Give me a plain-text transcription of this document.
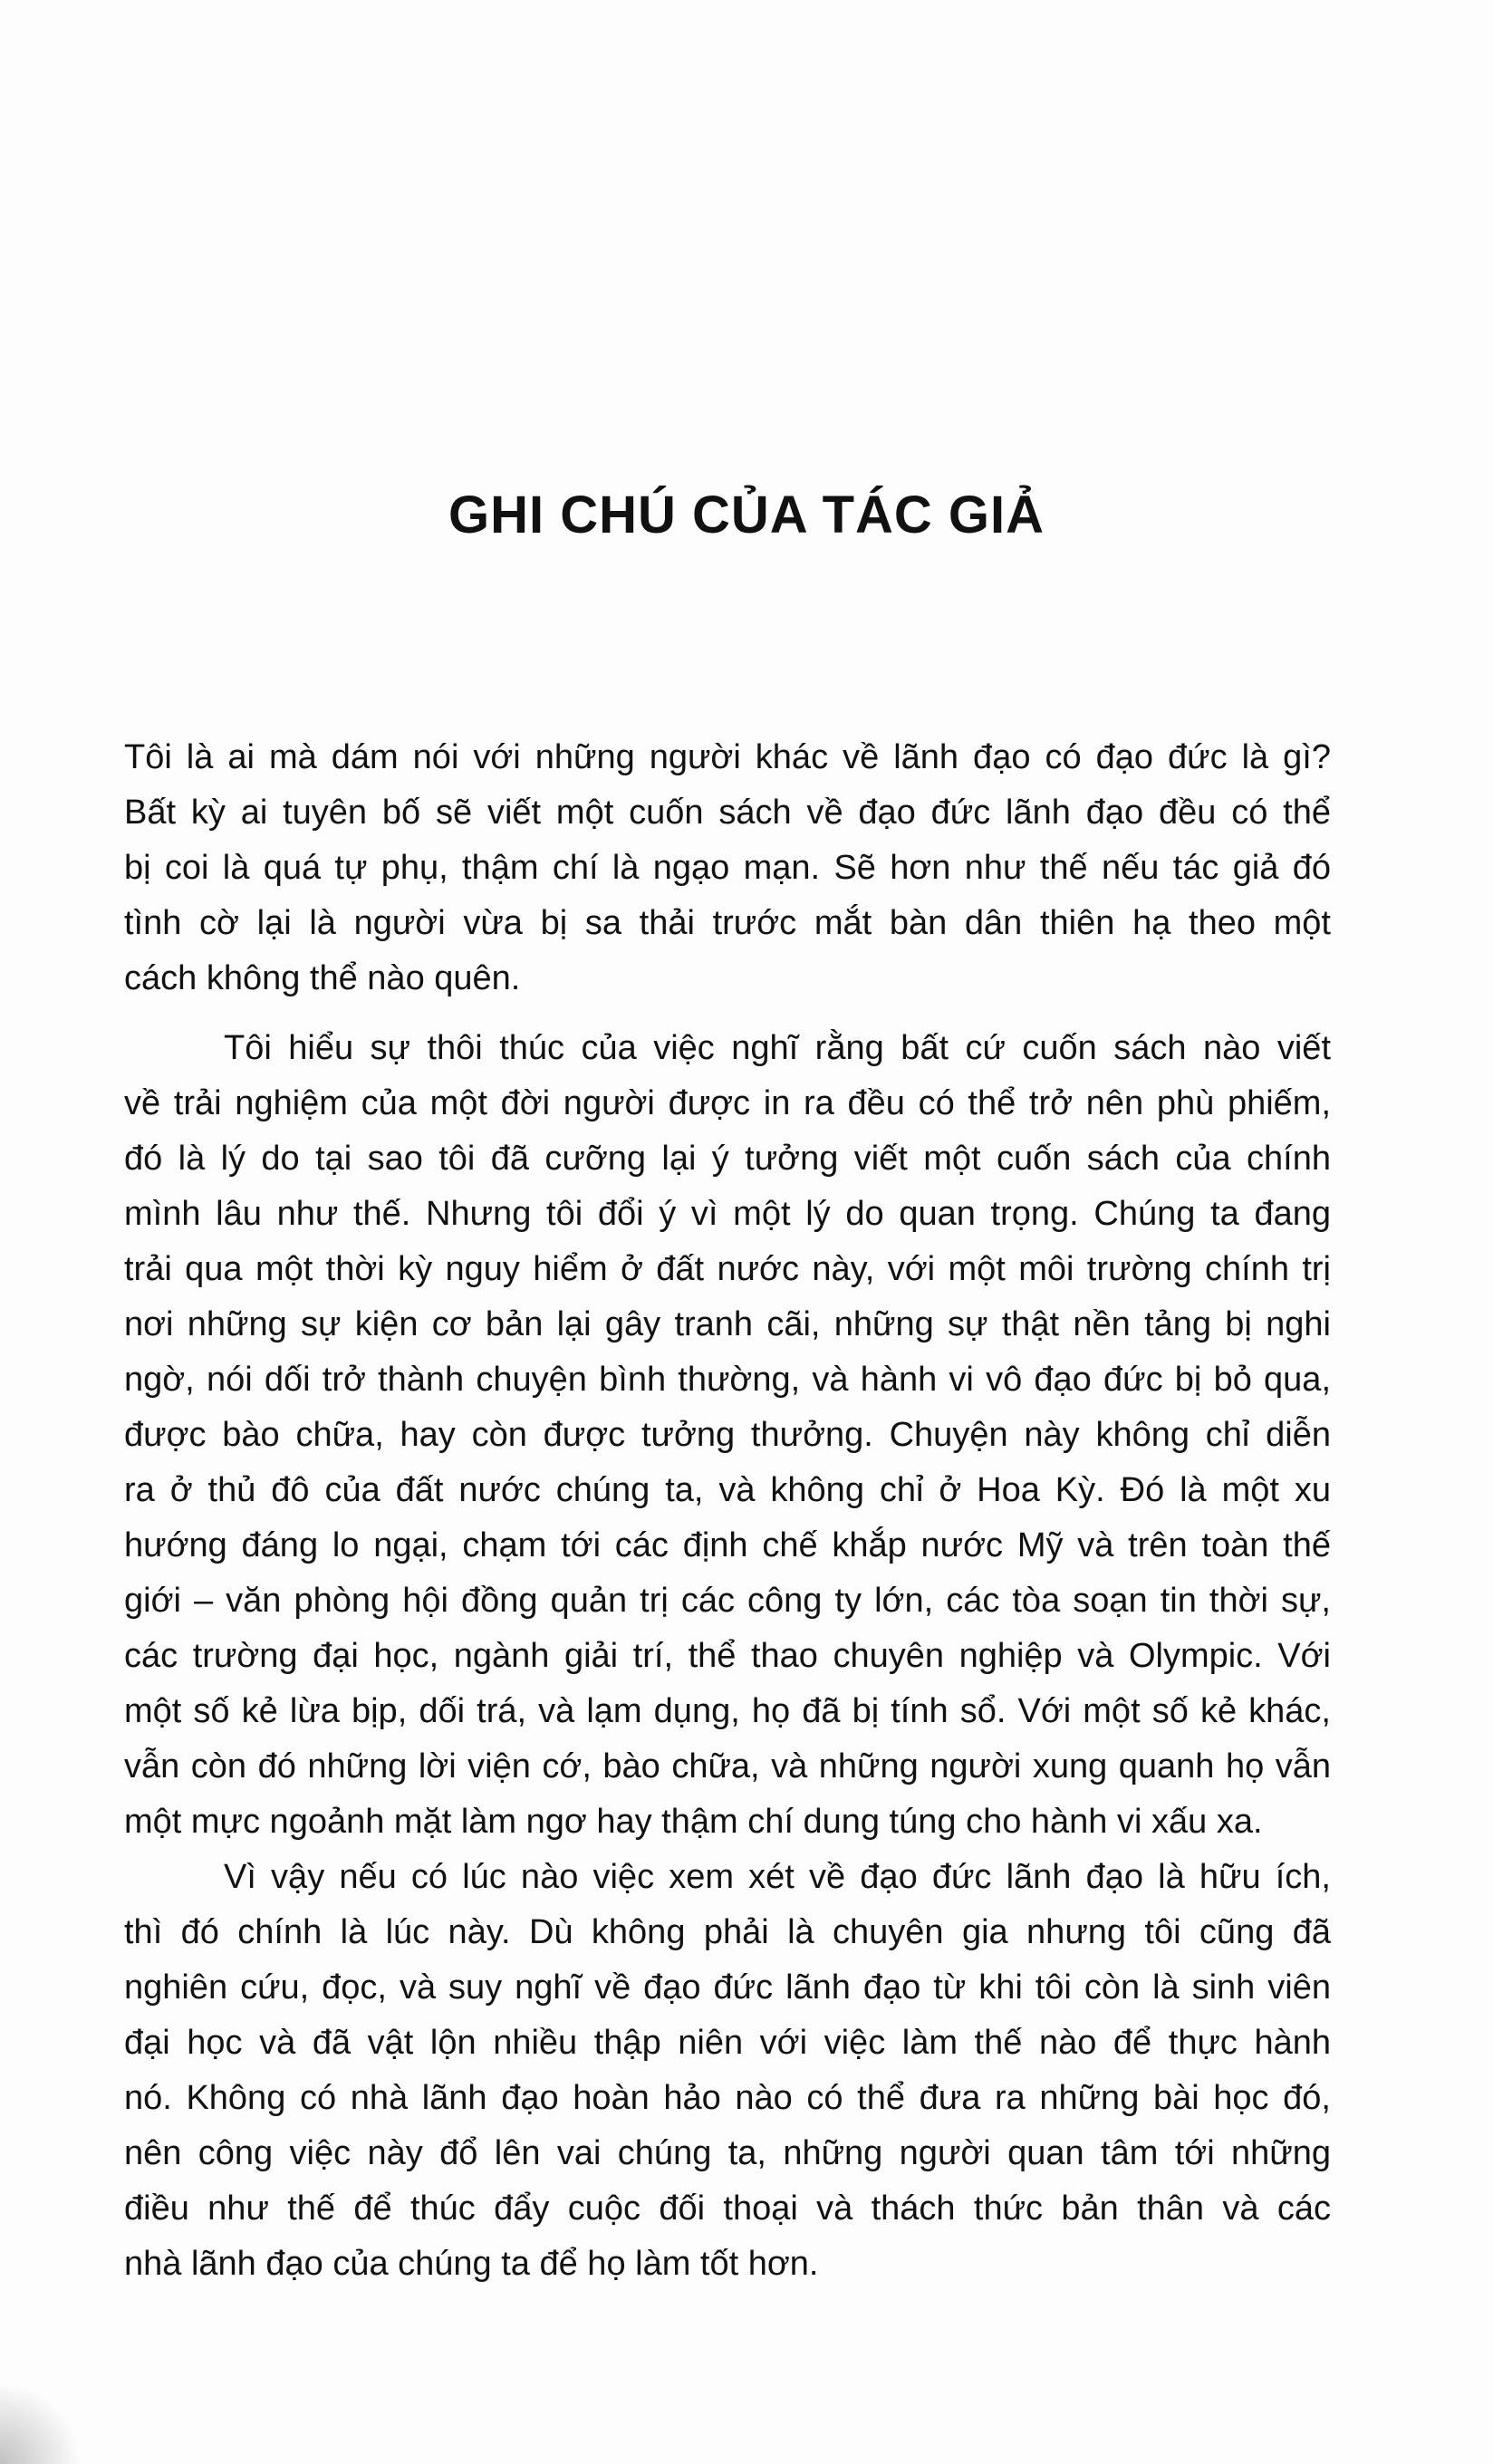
GHI CHÚ CỦA TÁC GIẢ
Tôi là ai mà dám nói với những người khác về lãnh đạo có đạo đức là gì?
Bất kỳ ai tuyên bố sẽ viết một cuốn sách về đạo đức lãnh đạo đều có thể
bị coi là quá tự phụ, thậm chí là ngạo mạn. Sẽ hơn như thế nếu tác giả đó
tình cờ lại là người vừa bị sa thải trước mắt bàn dân thiên hạ theo một
cách không thể nào quên.
Tôi hiểu sự thôi thúc của việc nghĩ rằng bất cứ cuốn sách nào viết
về trải nghiệm của một đời người được in ra đều có thể trở nên phù phiếm,
đó là lý do tại sao tôi đã cưỡng lại ý tưởng viết một cuốn sách của chính
mình lâu như thế. Nhưng tôi đổi ý vì một lý do quan trọng. Chúng ta đang
trải qua một thời kỳ nguy hiểm ở đất nước này, với một môi trường chính trị
nơi những sự kiện cơ bản lại gây tranh cãi, những sự thật nền tảng bị nghi
ngờ, nói dối trở thành chuyện bình thường, và hành vi vô đạo đức bị bỏ qua,
được bào chữa, hay còn được tưởng thưởng. Chuyện này không chỉ diễn
ra ở thủ đô của đất nước chúng ta, và không chỉ ở Hoa Kỳ. Đó là một xu
hướng đáng lo ngại, chạm tới các định chế khắp nước Mỹ và trên toàn thế
giới – văn phòng hội đồng quản trị các công ty lớn, các tòa soạn tin thời sự,
các trường đại học, ngành giải trí, thể thao chuyên nghiệp và Olympic. Với
một số kẻ lừa bịp, dối trá, và lạm dụng, họ đã bị tính sổ. Với một số kẻ khác,
vẫn còn đó những lời viện cớ, bào chữa, và những người xung quanh họ vẫn
một mực ngoảnh mặt làm ngơ hay thậm chí dung túng cho hành vi xấu xa.
Vì vậy nếu có lúc nào việc xem xét về đạo đức lãnh đạo là hữu ích,
thì đó chính là lúc này. Dù không phải là chuyên gia nhưng tôi cũng đã
nghiên cứu, đọc, và suy nghĩ về đạo đức lãnh đạo từ khi tôi còn là sinh viên
đại học và đã vật lộn nhiều thập niên với việc làm thế nào để thực hành
nó. Không có nhà lãnh đạo hoàn hảo nào có thể đưa ra những bài học đó,
nên công việc này đổ lên vai chúng ta, những người quan tâm tới những
điều như thế để thúc đẩy cuộc đối thoại và thách thức bản thân và các
nhà lãnh đạo của chúng ta để họ làm tốt hơn.
